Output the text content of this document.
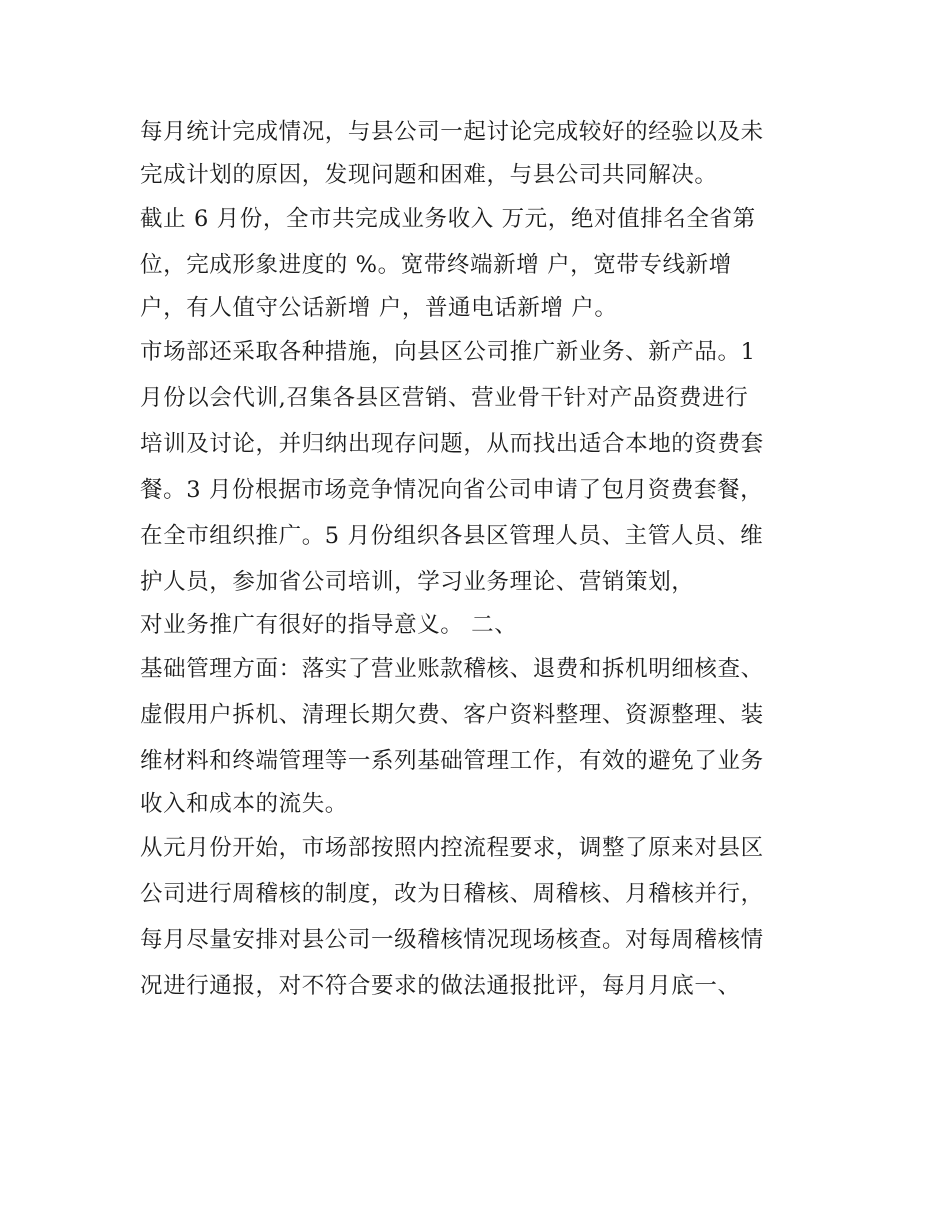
每月统计完成情况，与县公司一起讨论完成较好的经验以及未
完成计划的原因，发现问题和困难，与县公司共同解决。
截止 6 月份，全市共完成业务收入 万元，绝对值排名全省第
位，完成形象进度的 %。宽带终端新增 户，宽带专线新增
户，有人值守公话新增 户，普通电话新增 户。
市场部还采取各种措施，向县区公司推广新业务、新产品。1
月份以会代训,召集各县区营销、营业骨干针对产品资费进行
培训及讨论，并归纳出现存问题，从而找出适合本地的资费套
餐。3 月份根据市场竞争情况向省公司申请了包月资费套餐，
在全市组织推广。5 月份组织各县区管理人员、主管人员、维
护人员，参加省公司培训，学习业务理论、营销策划，
对业务推广有很好的指导意义。 二、
基础管理方面：落实了营业账款稽核、退费和拆机明细核查、
虚假用户拆机、清理长期欠费、客户资料整理、资源整理、装
维材料和终端管理等一系列基础管理工作，有效的避免了业务
收入和成本的流失。
从元月份开始，市场部按照内控流程要求，调整了原来对县区
公司进行周稽核的制度，改为日稽核、周稽核、月稽核并行，
每月尽量安排对县公司一级稽核情况现场核查。对每周稽核情
况进行通报，对不符合要求的做法通报批评，每月月底一、
